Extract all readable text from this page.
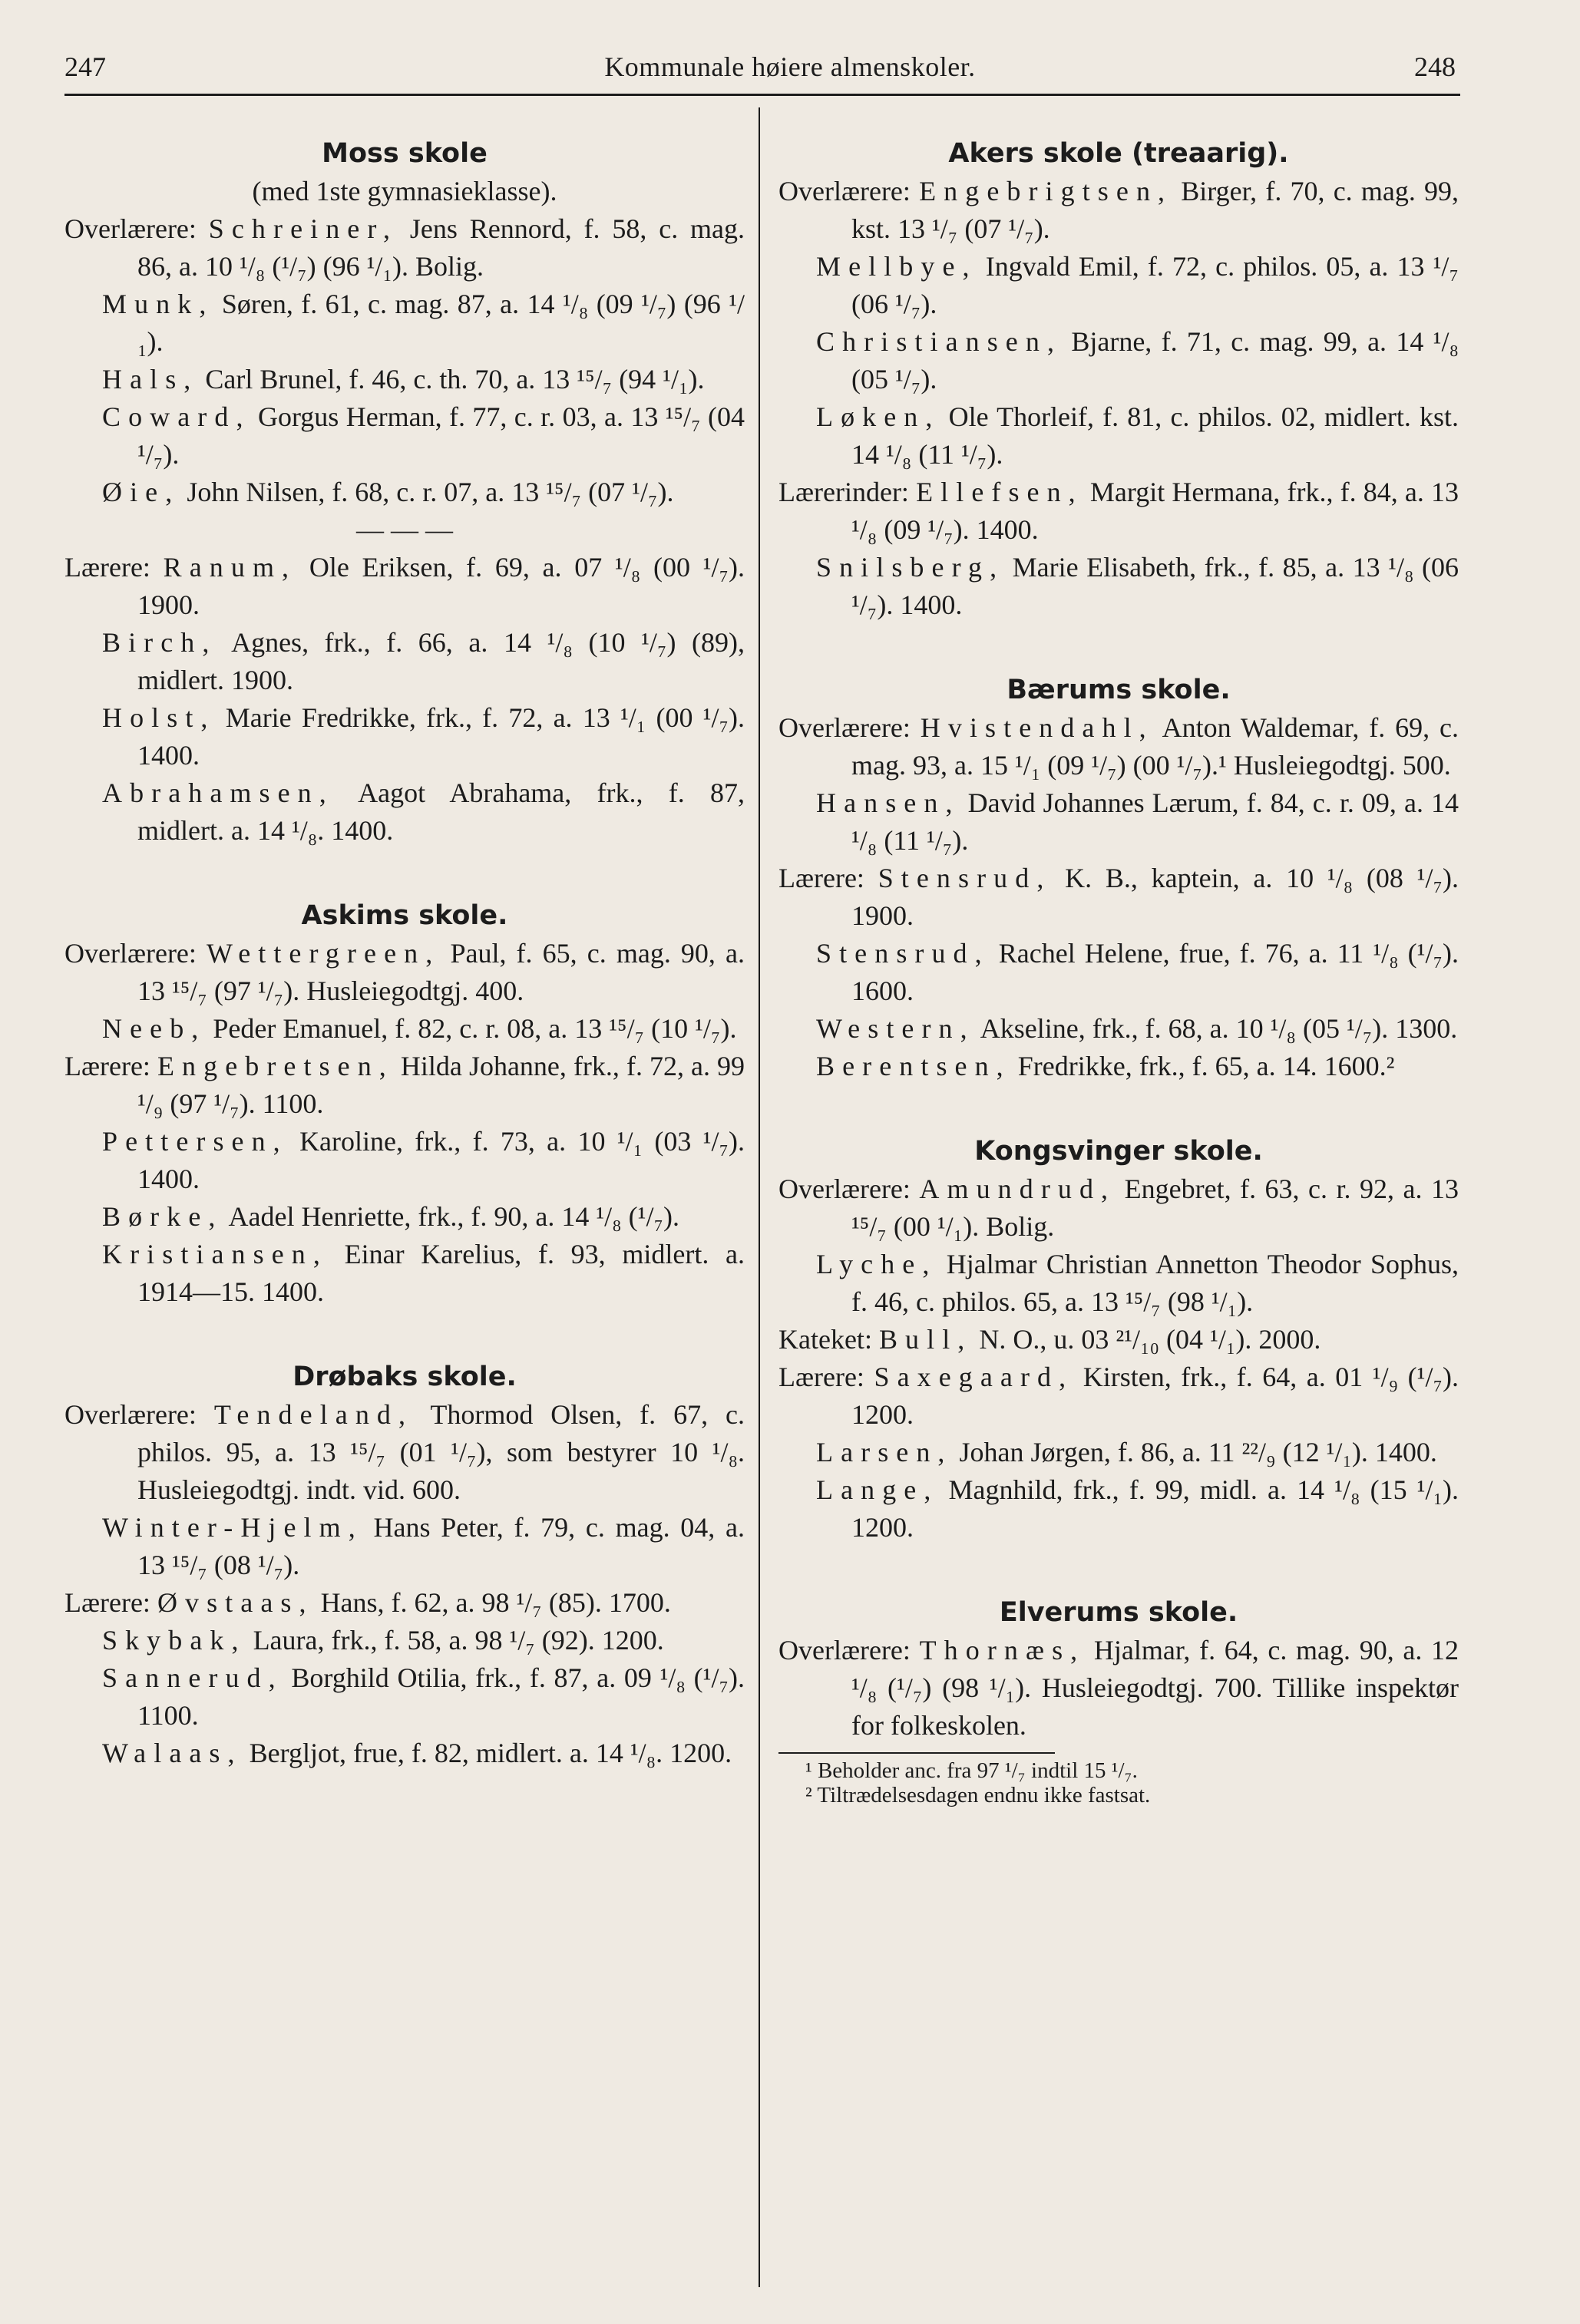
247	Kommunale høiere almenskoler.	248

Moss skole

(med 1ste gymnasieklasse).

Overlærere: Schreiner, Jens Rennord, f. 58, c. mag. 86, a. 10 ¹/₈ (¹/₇) (96 ¹/₁). Bolig.

Munk, Søren, f. 61, c. mag. 87, a. 14 ¹/₈ (09 ¹/₇) (96 ¹/₁).

Hals, Carl Brunel, f. 46, c. th. 70, a. 13 ¹⁵/₇ (94 ¹/₁).

Coward, Gorgus Herman, f. 77, c. r. 03, a. 13 ¹⁵/₇ (04 ¹/₇).

Øie, John Nilsen, f. 68, c. r. 07, a. 13 ¹⁵/₇ (07 ¹/₇).

— — —

Lærere: Ranum, Ole Eriksen, f. 69, a. 07 ¹/₈ (00 ¹/₇). 1900.

Birch, Agnes, frk., f. 66, a. 14 ¹/₈ (10 ¹/₇) (89), midlert. 1900.

Holst, Marie Fredrikke, frk., f. 72, a. 13 ¹/₁ (00 ¹/₇). 1400.

Abrahamsen, Aagot Abrahama, frk., f. 87, midlert. a. 14 ¹/₈. 1400.

Askims skole.

Overlærere: Wettergreen, Paul, f. 65, c. mag. 90, a. 13 ¹⁵/₇ (97 ¹/₇). Husleiegodtgj. 400.

Neeb, Peder Emanuel, f. 82, c. r. 08, a. 13 ¹⁵/₇ (10 ¹/₇).

Lærere: Engebretsen, Hilda Johanne, frk., f. 72, a. 99 ¹/₉ (97 ¹/₇). 1100.

Pettersen, Karoline, frk., f. 73, a. 10 ¹/₁ (03 ¹/₇). 1400.

Børke, Aadel Henriette, frk., f. 90, a. 14 ¹/₈ (¹/₇).

Kristiansen, Einar Karelius, f. 93, midlert. a. 1914—15. 1400.

Drøbaks skole.

Overlærere: Tendeland, Thormod Olsen, f. 67, c. philos. 95, a. 13 ¹⁵/₇ (01 ¹/₇), som bestyrer 10 ¹/₈. Husleiegodtgj. indt. vid. 600.

Winter-Hjelm, Hans Peter, f. 79, c. mag. 04, a. 13 ¹⁵/₇ (08 ¹/₇).

Lærere: Øvstaas, Hans, f. 62, a. 98 ¹/₇ (85). 1700.

Skybak, Laura, frk., f. 58, a. 98 ¹/₇ (92). 1200.

Sannerud, Borghild Otilia, frk., f. 87, a. 09 ¹/₈ (¹/₇). 1100.

Walaas, Bergljot, frue, f. 82, midlert. a. 14 ¹/₈. 1200.

Akers skole (treaarig).

Overlærere: Engebrigtsen, Birger, f. 70, c. mag. 99, kst. 13 ¹/₇ (07 ¹/₇).

Mellbye, Ingvald Emil, f. 72, c. philos. 05, a. 13 ¹/₇ (06 ¹/₇).

Christiansen, Bjarne, f. 71, c. mag. 99, a. 14 ¹/₈ (05 ¹/₇).

Løken, Ole Thorleif, f. 81, c. philos. 02, midlert. kst. 14 ¹/₈ (11 ¹/₇).

Lærerinder: Ellefsen, Margit Hermana, frk., f. 84, a. 13 ¹/₈ (09 ¹/₇). 1400.

Snilsberg, Marie Elisabeth, frk., f. 85, a. 13 ¹/₈ (06 ¹/₇). 1400.

Bærums skole.

Overlærere: Hvistendahl, Anton Waldemar, f. 69, c. mag. 93, a. 15 ¹/₁ (09 ¹/₇) (00 ¹/₇).¹ Husleiegodtgj. 500.

Hansen, David Johannes Lærum, f. 84, c. r. 09, a. 14 ¹/₈ (11 ¹/₇).

Lærere: Stensrud, K. B., kaptein, a. 10 ¹/₈ (08 ¹/₇). 1900.

Stensrud, Rachel Helene, frue, f. 76, a. 11 ¹/₈ (¹/₇). 1600.

Western, Akseline, frk., f. 68, a. 10 ¹/₈ (05 ¹/₇). 1300.

Berentsen, Fredrikke, frk., f. 65, a. 14. 1600.²

Kongsvinger skole.

Overlærere: Amundrud, Engebret, f. 63, c. r. 92, a. 13 ¹⁵/₇ (00 ¹/₁). Bolig.

Lyche, Hjalmar Christian Annetton Theodor Sophus, f. 46, c. philos. 65, a. 13 ¹⁵/₇ (98 ¹/₁).

Kateket: Bull, N. O., u. 03 ²¹/₁₀ (04 ¹/₁). 2000.

Lærere: Saxegaard, Kirsten, frk., f. 64, a. 01 ¹/₉ (¹/₇). 1200.

Larsen, Johan Jørgen, f. 86, a. 11 ²²/₉ (12 ¹/₁). 1400.

Lange, Magnhild, frk., f. 99, midl. a. 14 ¹/₈ (15 ¹/₁). 1200.

Elverums skole.

Overlærere: Thornæs, Hjalmar, f. 64, c. mag. 90, a. 12 ¹/₈ (¹/₇) (98 ¹/₁). Husleiegodtgj. 700. Tillike inspektør for folkeskolen.

¹ Beholder anc. fra 97 ¹/₇ indtil 15 ¹/₇.

² Tiltrædelsesdagen endnu ikke fastsat.
